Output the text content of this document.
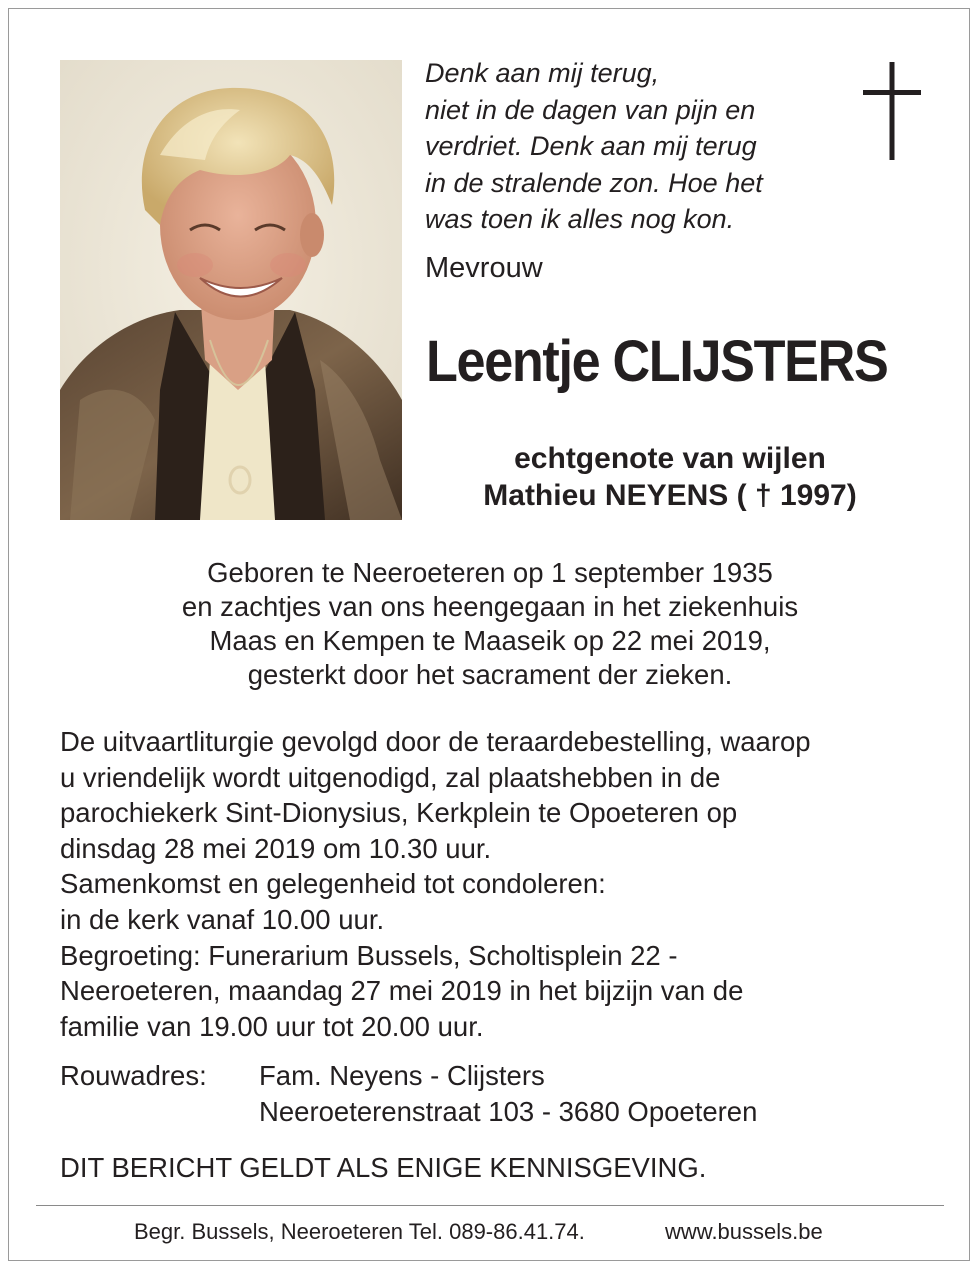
Denk aan mij terug,
niet in de dagen van pijn en
verdriet. Denk aan mij terug
in de stralende zon. Hoe het
was toen ik alles nog kon.
Mevrouw
Leentje CLIJSTERS
echtgenote van wijlen
Mathieu NEYENS ( † 1997)
Geboren te Neeroeteren op 1 september 1935
en zachtjes van ons heengegaan in het ziekenhuis
Maas en Kempen te Maaseik op 22 mei 2019,
gesterkt door het sacrament der zieken.
De uitvaartliturgie gevolgd door de teraardebestelling, waarop
u vriendelijk wordt uitgenodigd, zal plaatshebben in de
parochiekerk Sint-Dionysius, Kerkplein te Opoeteren op
dinsdag 28 mei 2019 om 10.30 uur.
Samenkomst en gelegenheid tot condoleren:
in de kerk vanaf 10.00 uur.
Begroeting: Funerarium Bussels, Scholtisplein 22 -
Neeroeteren, maandag 27 mei 2019 in het bijzijn van de
familie van 19.00 uur tot 20.00 uur.
Rouwadres: Fam. Neyens - Clijsters
Neeroeterenstraat 103 - 3680 Opoeteren
DIT BERICHT GELDT ALS ENIGE KENNISGEVING.
Begr. Bussels, Neeroeteren Tel. 089-86.41.74.	www.bussels.be
